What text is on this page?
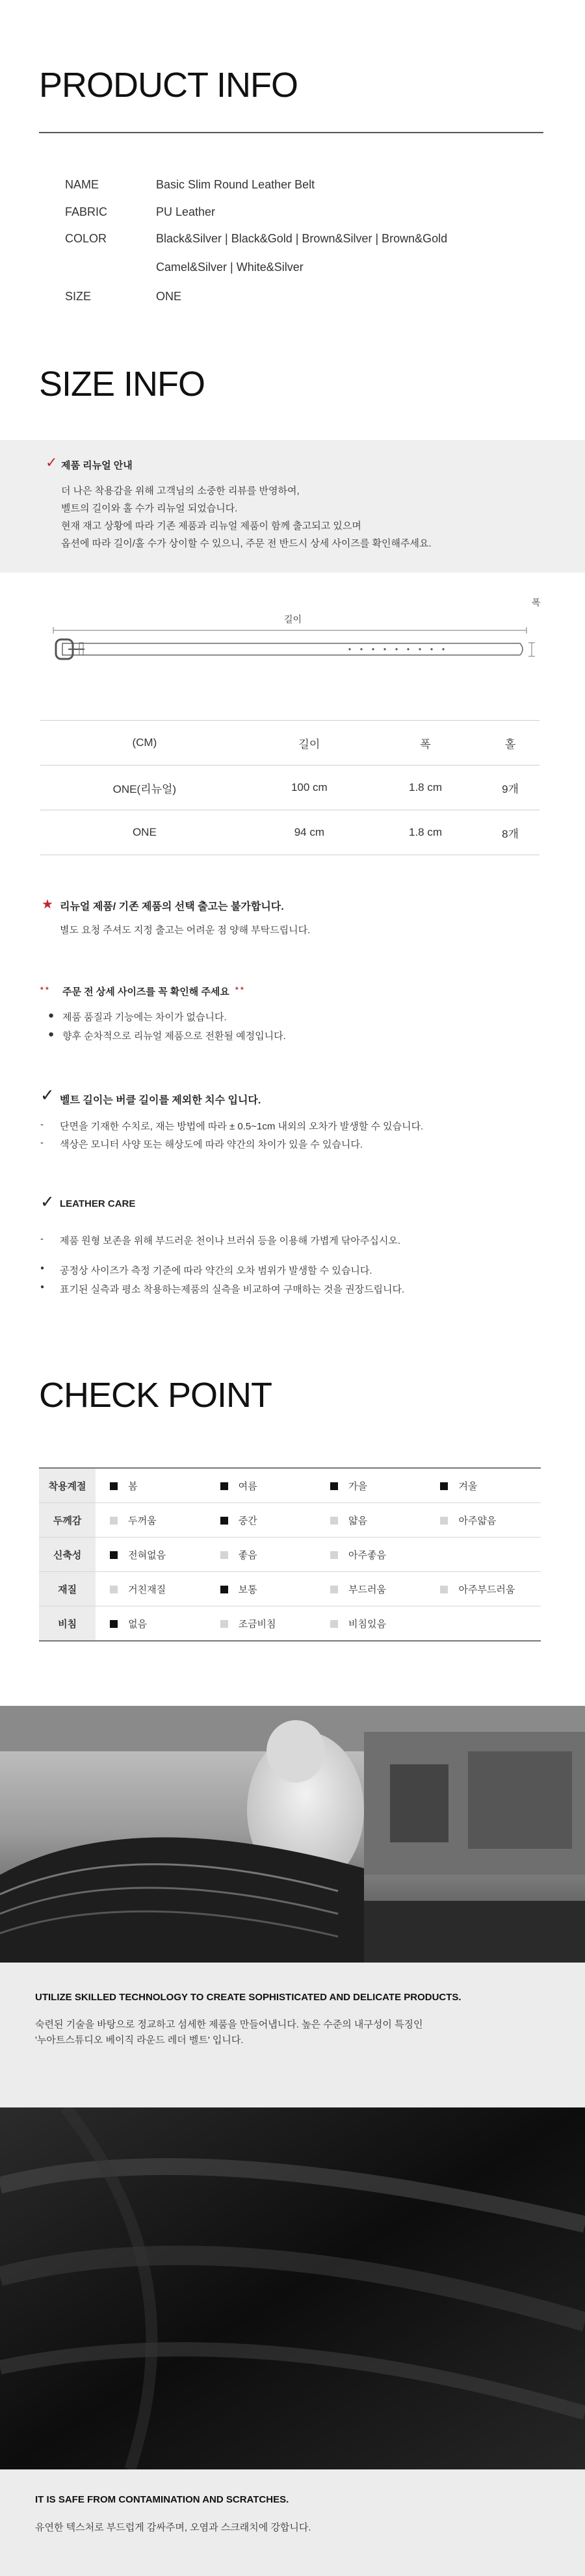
PRODUCT INFO
NAME	Basic Slim Round Leather Belt
FABRIC	PU Leather
COLOR	Black&Silver | Black&Gold | Brown&Silver | Brown&Gold
Camel&Silver | White&Silver
SIZE	ONE
SIZE INFO
✓ 제품 리뉴얼 안내
더 나은 착용감을 위해 고객님의 소중한 리뷰를 반영하여,
벨트의 길이와 홀 수가 리뉴얼 되었습니다.
현재 재고 상황에 따라 기존 제품과 리뉴얼 제품이 함께 출고되고 있으며
옵션에 따라 길이/홀 수가 상이할 수 있으니, 주문 전 반드시 상세 사이즈를 확인해주세요.
길이
폭
(CM)	길이	폭	홀
ONE(리뉴얼)	100 cm	1.8 cm	9개
ONE	94 cm	1.8 cm	8개
★ 리뉴얼 제품/ 기존 제품의 선택 출고는 불가합니다.
별도 요청 주셔도 지정 출고는 어려운 점 양해 부탁드립니다.
* * 주문 전 상세 사이즈를 꼭 확인해 주세요 * *
● 제품 품질과 기능에는 차이가 없습니다.
● 향후 순차적으로 리뉴얼 제품으로 전환될 예정입니다.
✓ 벨트 길이는 버클 길이를 제외한 치수 입니다.
- 단면을 기재한 수치로, 재는 방법에 따라 ± 0.5~1cm 내외의 오차가 발생할 수 있습니다.
- 색상은 모니터 사양 또는 해상도에 따라 약간의 차이가 있을 수 있습니다.
✓ LEATHER CARE
- 제품 원형 보존을 위해 부드러운 천이나 브러쉬 등을 이용해 가볍게 닦아주십시오.
● 공정상 사이즈가 측정 기준에 따라 약간의 오차 범위가 발생할 수 있습니다.
● 표기된 실측과 평소 착용하는제품의 실측을 비교하여 구매하는 것을 권장드립니다.
CHECK POINT
착용계절	봄	여름	가을	겨울
두께감	두꺼움	중간	얇음	아주얇음
신축성	전혀없음	좋음	아주좋음	
재질	거친재질	보통	부드러움	아주부드러움
비침	없음	조금비침	비침있음	
UTILIZE SKILLED TECHNOLOGY TO CREATE SOPHISTICATED AND DELICATE PRODUCTS.
숙련된 기술을 바탕으로 정교하고 섬세한 제품을 만들어냅니다. 높은 수준의 내구성이 특징인
'누아트스튜디오 베이직 라운드 레더 벨트' 입니다.
IT IS SAFE FROM CONTAMINATION AND SCRATCHES.
유연한 텍스처로 부드럽게 감싸주며, 오염과 스크래치에 강합니다.
